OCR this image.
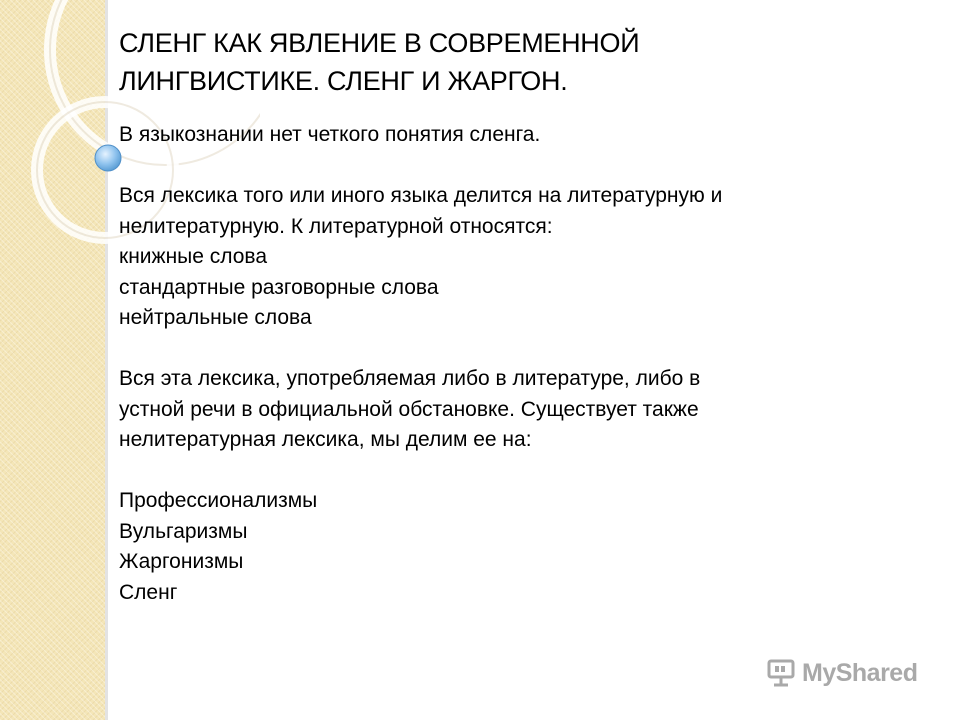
СЛЕНГ КАК ЯВЛЕНИЕ В СОВРЕМЕННОЙ
ЛИНГВИСТИКЕ. СЛЕНГ И ЖАРГОН.

В языкознании нет четкого понятия сленга.

Вся лексика того или иного языка делится на литературную и

нелитературную. К литературной относятся:

книжные слова

стандартные разговорные слова

нейтральные слова

Вся эта лексика, употребляемая либо в литературе, либо в

устной речи в официальной обстановке. Существует также

нелитературная лексика, мы делим ее на:

Профессионализмы

Вульгаризмы

Жаргонизмы

Сленг

MyShared
